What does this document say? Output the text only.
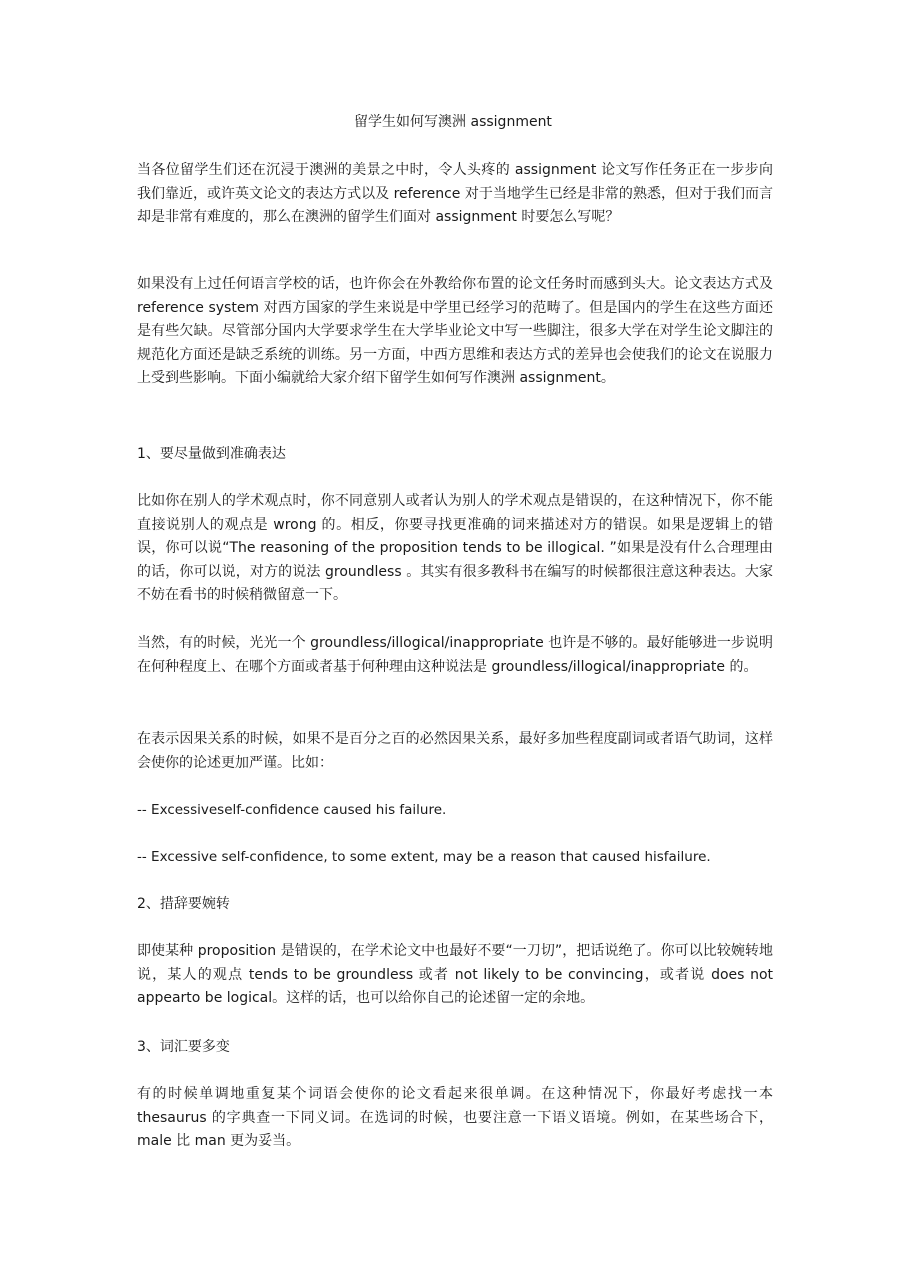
留学生如何写澳洲 assignment

当各位留学生们还在沉浸于澳洲的美景之中时，令人头疼的 assignment 论文写作任务正在一步步向我们靠近，或许英文论文的表达方式以及 reference 对于当地学生已经是非常的熟悉，但对于我们而言却是非常有难度的，那么在澳洲的留学生们面对 assignment 时要怎么写呢？

如果没有上过任何语言学校的话，也许你会在外教给你布置的论文任务时而感到头大。论文表达方式及 reference system 对西方国家的学生来说是中学里已经学习的范畴了。但是国内的学生在这些方面还是有些欠缺。尽管部分国内大学要求学生在大学毕业论文中写一些脚注，很多大学在对学生论文脚注的规范化方面还是缺乏系统的训练。另一方面，中西方思维和表达方式的差异也会使我们的论文在说服力上受到些影响。下面小编就给大家介绍下留学生如何写作澳洲 assignment。

1、要尽量做到准确表达

比如你在别人的学术观点时，你不同意别人或者认为别人的学术观点是错误的，在这种情况下，你不能直接说别人的观点是 wrong 的。相反，你要寻找更准确的词来描述对方的错误。如果是逻辑上的错误，你可以说“The reasoning of the proposition tends to be illogical. ”如果是没有什么合理理由的话，你可以说，对方的说法 groundless 。其实有很多教科书在编写的时候都很注意这种表达。大家不妨在看书的时候稍微留意一下。

当然，有的时候，光光一个 groundless/illogical/inappropriate 也许是不够的。最好能够进一步说明在何种程度上、在哪个方面或者基于何种理由这种说法是 groundless/illogical/inappropriate 的。

在表示因果关系的时候，如果不是百分之百的必然因果关系，最好多加些程度副词或者语气助词，这样会使你的论述更加严谨。比如：

-- Excessiveself-confidence caused his failure.

-- Excessive self-confidence, to some extent, may be a reason that caused hisfailure.

2、措辞要婉转

即使某种 proposition 是错误的，在学术论文中也最好不要“一刀切”，把话说绝了。你可以比较婉转地说，某人的观点 tends to be groundless 或者 not likely to be convincing，或者说 does not appearto be logical。这样的话，也可以给你自己的论述留一定的余地。

3、词汇要多变

有的时候单调地重复某个词语会使你的论文看起来很单调。在这种情况下，你最好考虑找一本 thesaurus 的字典查一下同义词。在选词的时候，也要注意一下语义语境。例如，在某些场合下，male 比 man 更为妥当。
